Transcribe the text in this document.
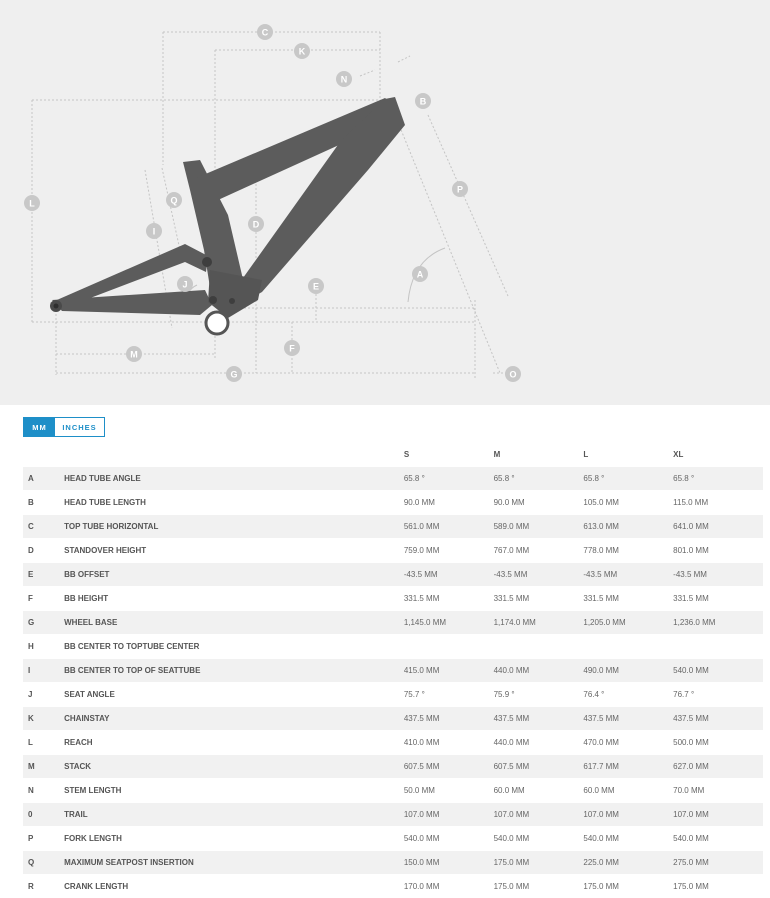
C
K
N
B
P
A
L	Q
I
D
J	E
F
M
G	O
MM	INCHES
		S	M	L	XL
A	HEAD TUBE ANGLE	65.8 °	65.8 °	65.8 °	65.8 °
B	HEAD TUBE LENGTH	90.0 MM	90.0 MM	105.0 MM	115.0 MM
C	TOP TUBE HORIZONTAL	561.0 MM	589.0 MM	613.0 MM	641.0 MM
D	STANDOVER HEIGHT	759.0 MM	767.0 MM	778.0 MM	801.0 MM
E	BB OFFSET	-43.5 MM	-43.5 MM	-43.5 MM	-43.5 MM
F	BB HEIGHT	331.5 MM	331.5 MM	331.5 MM	331.5 MM
G	WHEEL BASE	1,145.0 MM	1,174.0 MM	1,205.0 MM	1,236.0 MM
H	BB CENTER TO TOPTUBE CENTER				
I	BB CENTER TO TOP OF SEATTUBE	415.0 MM	440.0 MM	490.0 MM	540.0 MM
J	SEAT ANGLE	75.7 °	75.9 °	76.4 °	76.7 °
K	CHAINSTAY	437.5 MM	437.5 MM	437.5 MM	437.5 MM
L	REACH	410.0 MM	440.0 MM	470.0 MM	500.0 MM
M	STACK	607.5 MM	607.5 MM	617.7 MM	627.0 MM
N	STEM LENGTH	50.0 MM	60.0 MM	60.0 MM	70.0 MM
0	TRAIL	107.0 MM	107.0 MM	107.0 MM	107.0 MM
P	FORK LENGTH	540.0 MM	540.0 MM	540.0 MM	540.0 MM
Q	MAXIMUM SEATPOST INSERTION	150.0 MM	175.0 MM	225.0 MM	275.0 MM
R	CRANK LENGTH	170.0 MM	175.0 MM	175.0 MM	175.0 MM
